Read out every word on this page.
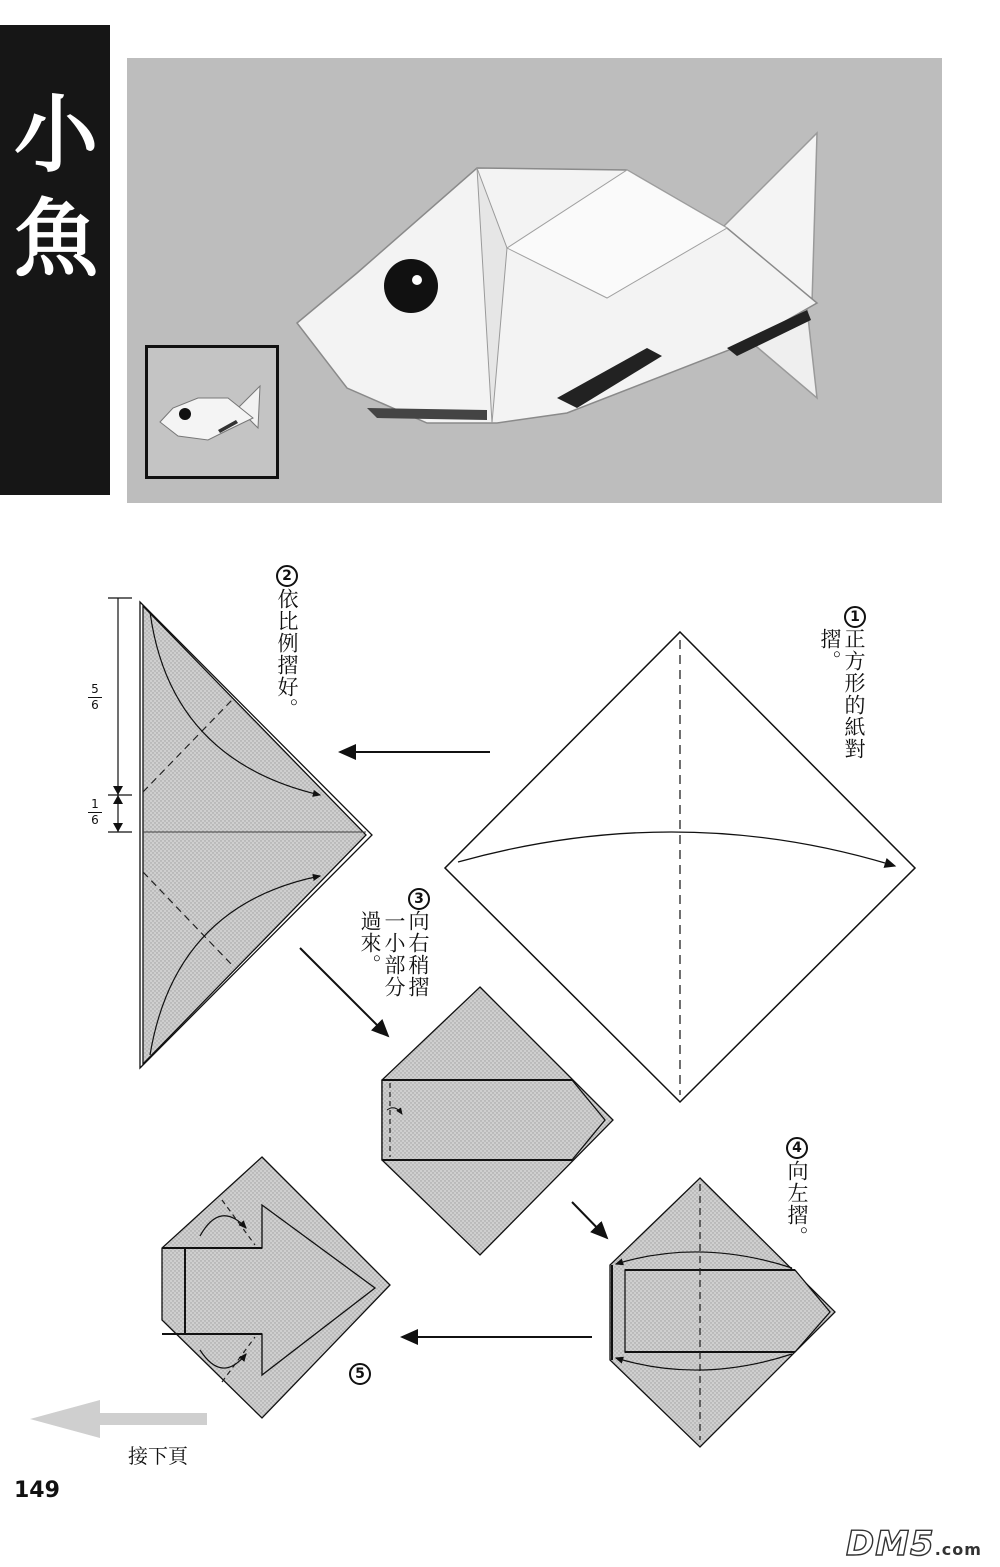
小
魚
5
6
1
6
1
正方形的紙對摺。
2
依比例摺好。
3
向右稍摺一小部分過來。
4
向左摺。
5
接下頁
149
DM5.com
